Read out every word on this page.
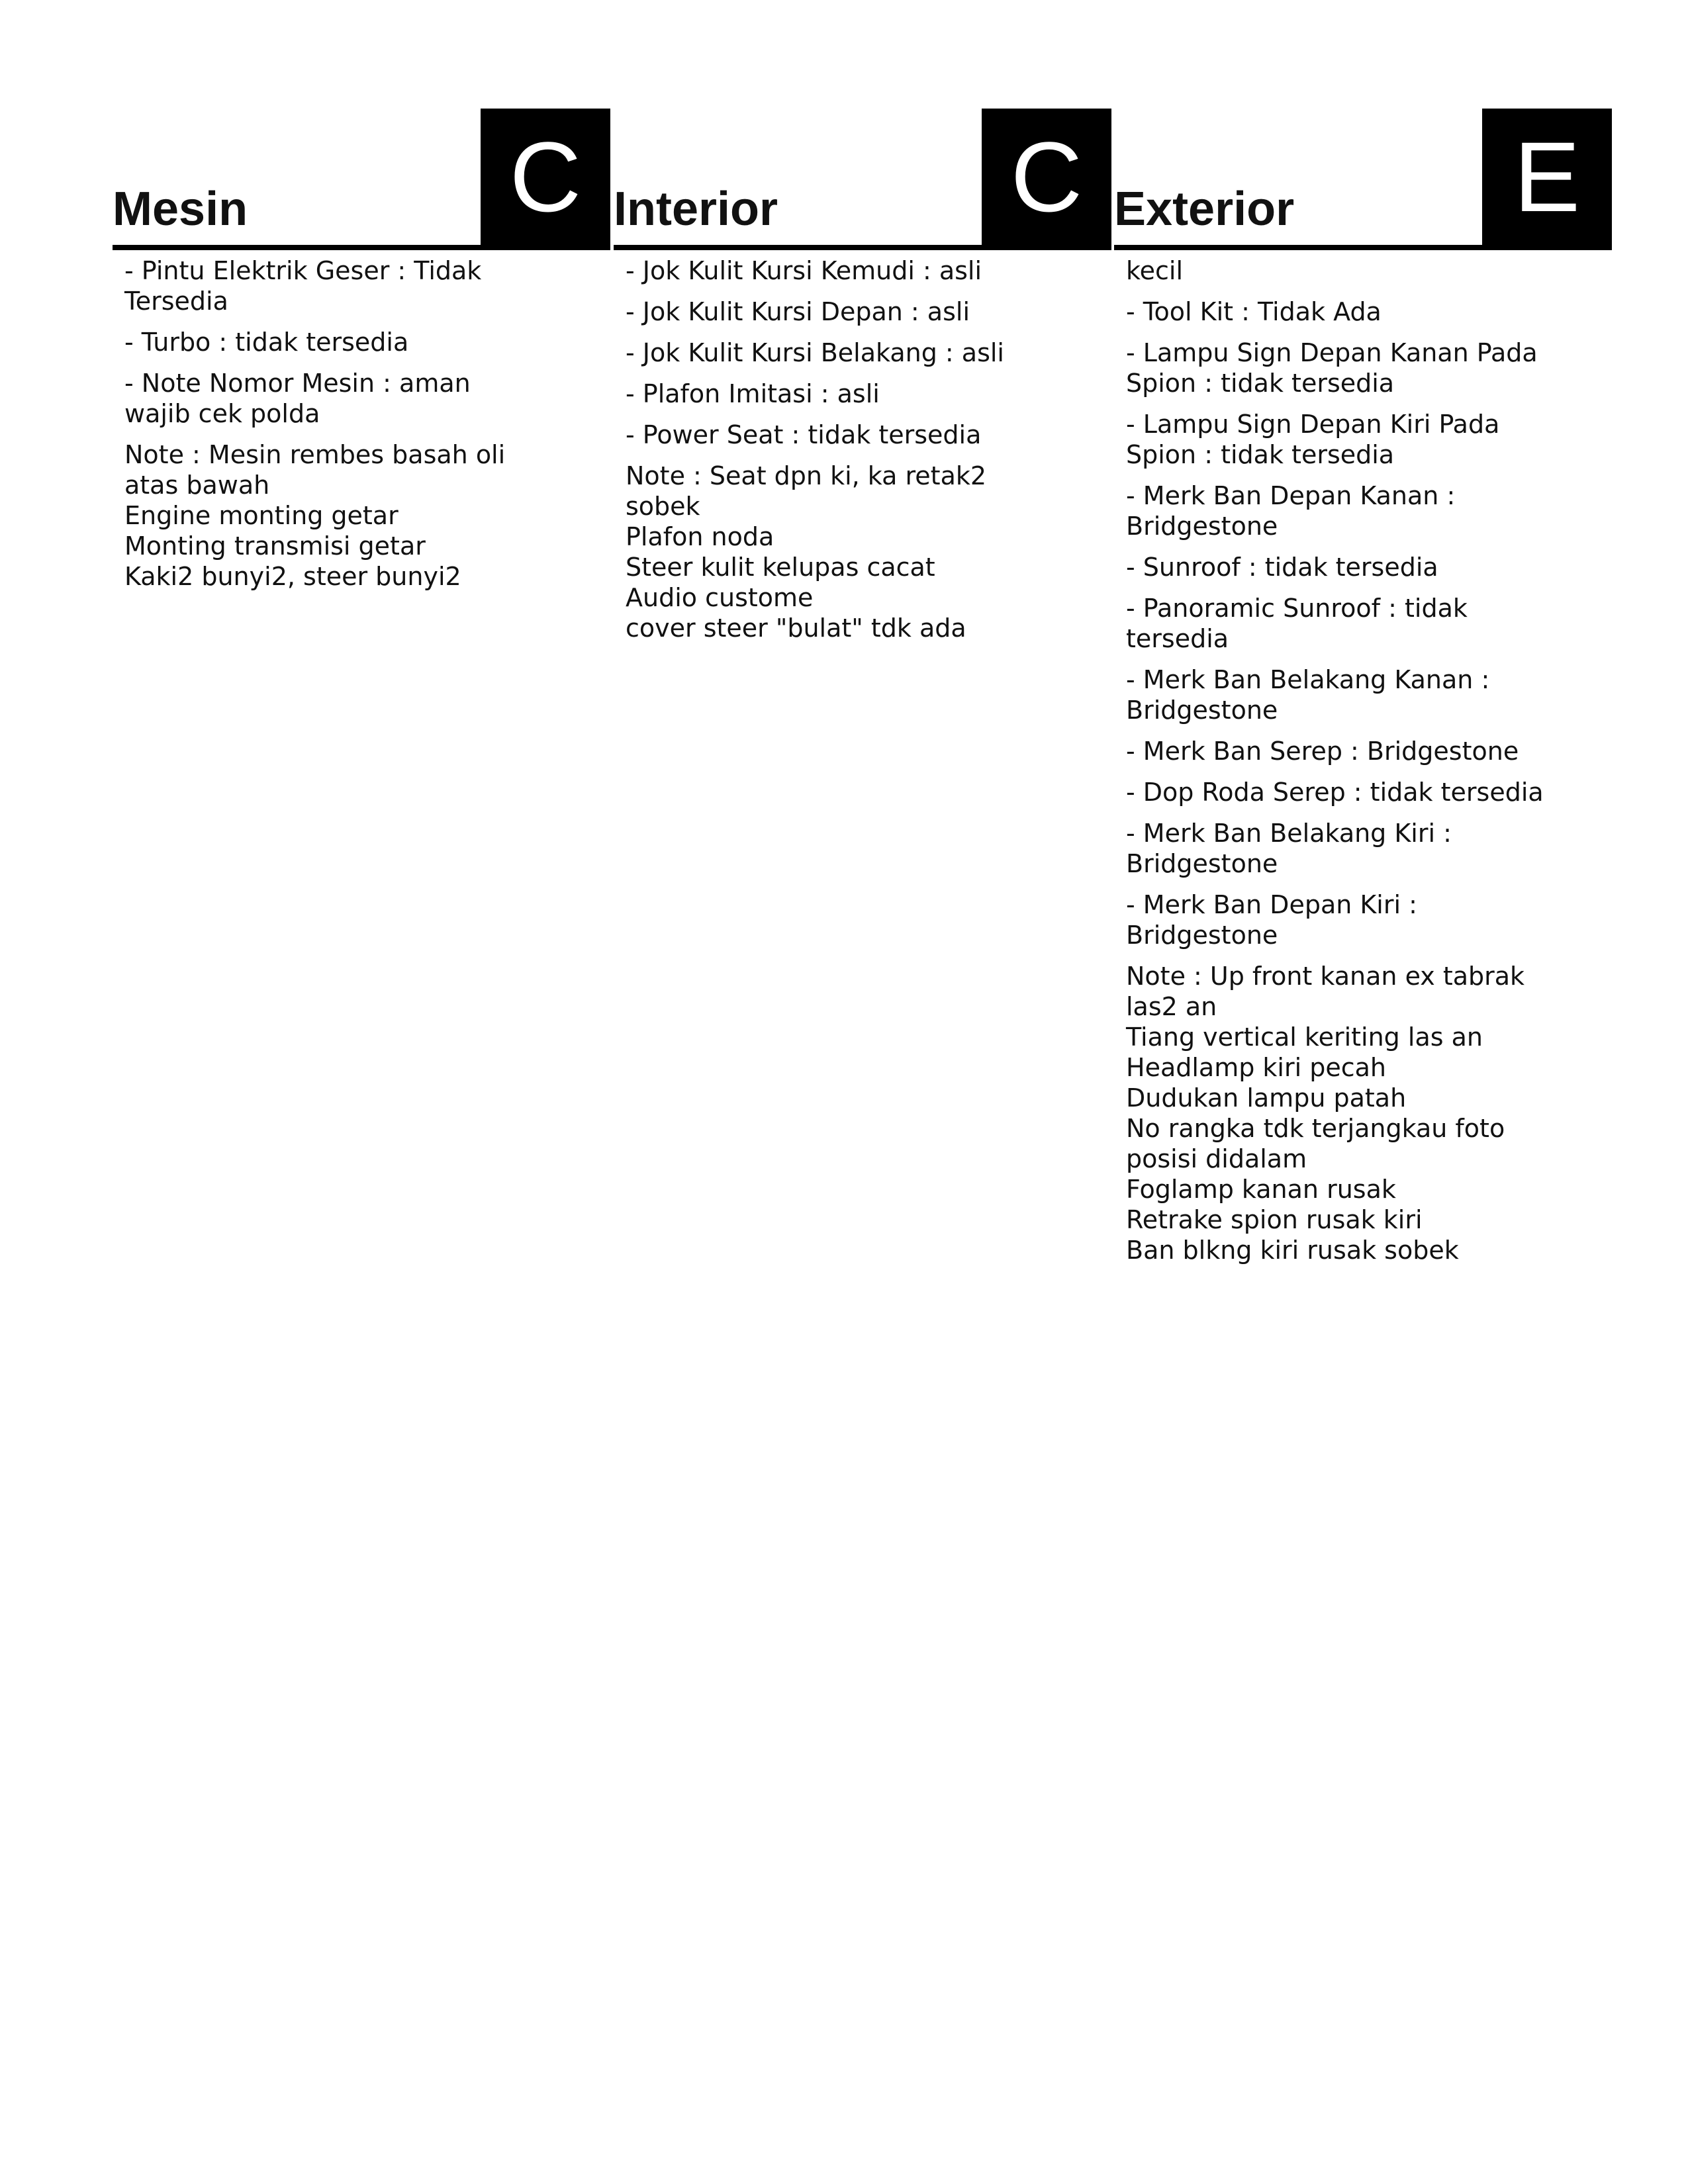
Mesin	C
- Pintu Elektrik Geser : Tidak Tersedia
- Turbo : tidak tersedia
- Note Nomor Mesin : aman wajib cek polda
Note : Mesin rembes basah oli atas bawah
Engine monting getar
Monting transmisi getar
Kaki2 bunyi2, steer bunyi2
Interior C
- Jok Kulit Kursi Kemudi : asli
- Jok Kulit Kursi Depan : asli
- Jok Kulit Kursi Belakang : asli
- Plafon Imitasi : asli
- Power Seat : tidak tersedia
Note : Seat dpn ki, ka retak2 sobek
Plafon noda
Steer kulit kelupas cacat
Audio custome
cover steer "bulat" tdk ada
Exterior	E
kecil
- Tool Kit : Tidak Ada
- Lampu Sign Depan Kanan Pada Spion : tidak tersedia
- Lampu Sign Depan Kiri Pada Spion : tidak tersedia
- Merk Ban Depan Kanan : Bridgestone
- Sunroof : tidak tersedia
- Panoramic Sunroof : tidak tersedia
- Merk Ban Belakang Kanan : Bridgestone
- Merk Ban Serep : Bridgestone
- Dop Roda Serep : tidak tersedia
- Merk Ban Belakang Kiri : Bridgestone
- Merk Ban Depan Kiri : Bridgestone
Note : Up front kanan ex tabrak las2 an
Tiang vertical keriting las an
Headlamp kiri pecah
Dudukan lampu patah
No rangka tdk terjangkau foto posisi didalam
Foglamp kanan rusak
Retrake spion rusak kiri
Ban blkng kiri rusak sobek
